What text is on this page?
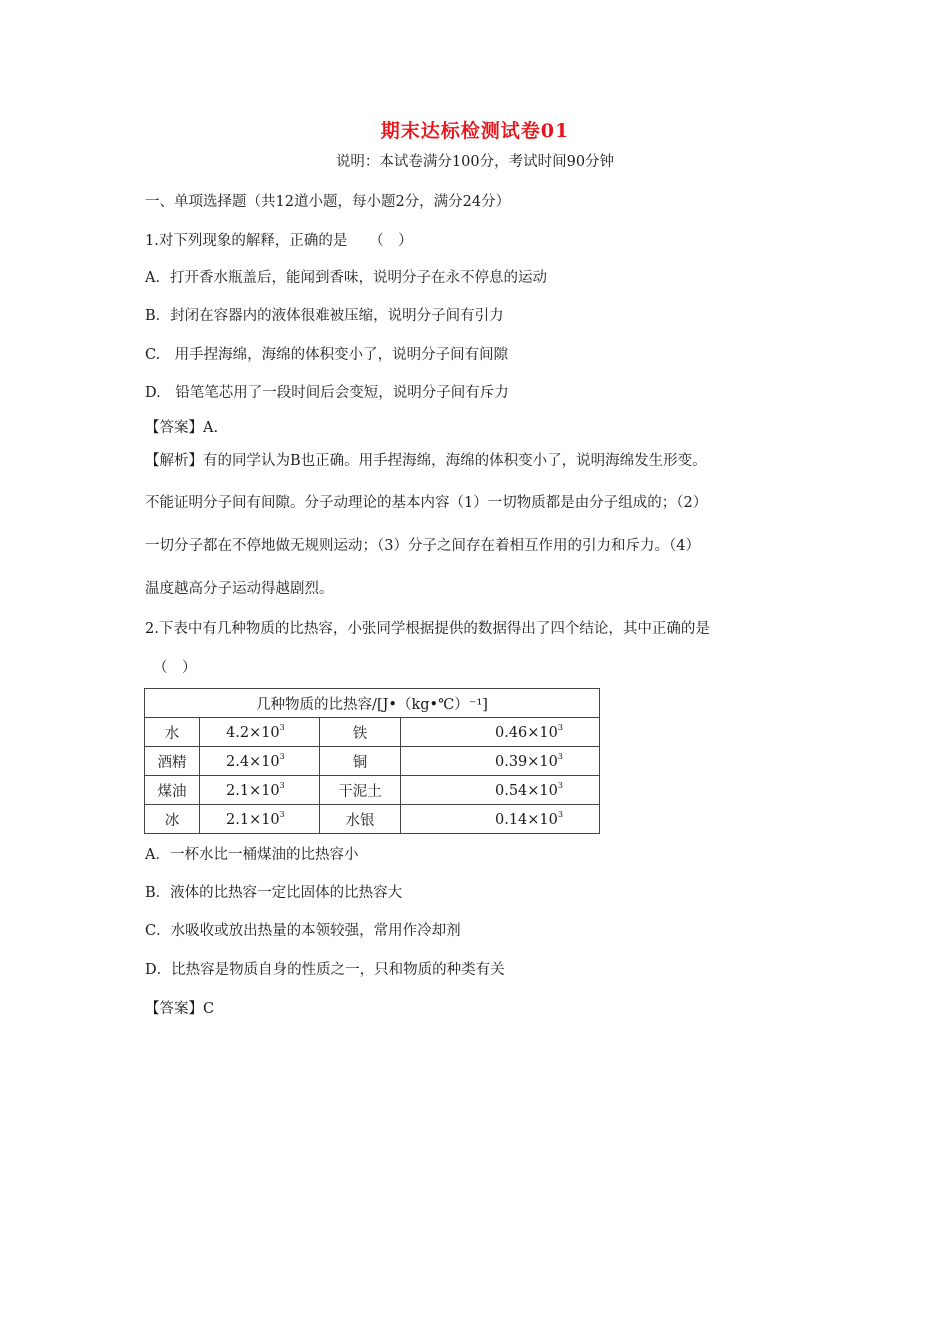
期末达标检测试卷01
说明：本试卷满分100分，考试时间90分钟
一、单项选择题（共12道小题，每小题2分，满分24分）
1.对下列现象的解释，正确的是　　（　）
A．打开香水瓶盖后，能闻到香味，说明分子在永不停息的运动
B．封闭在容器内的液体很难被压缩，说明分子间有引力
C.　用手捏海绵，海绵的体积变小了，说明分子间有间隙
D.　铅笔笔芯用了一段时间后会变短，说明分子间有斥力
【答案】A.
【解析】有的同学认为B也正确。用手捏海绵，海绵的体积变小了，说明海绵发生形变。
不能证明分子间有间隙。分子动理论的基本内容（1）一切物质都是由分子组成的；（2）
一切分子都在不停地做无规则运动；（3）分子之间存在着相互作用的引力和斥力。（4）
温度越高分子运动得越剧烈。
2.下表中有几种物质的比热容，小张同学根据提供的数据得出了四个结论，其中正确的是
（　）
几种物质的比热容/[J•（kg•℃）⁻¹]			
水	$4.2\times 10^3$	铁	$0.46\times 10^3$
酒精	$2.4\times 10^3$	铜	$0.39\times 10^3$
煤油	$2.1\times 10^3$	干泥土	$0.54\times 10^3$
冰	$2.1\times 10^3$	水银	$0.14\times 10^3$
A．一杯水比一桶煤油的比热容小
B．液体的比热容一定比固体的比热容大
C．水吸收或放出热量的本领较强，常用作冷却剂
D．比热容是物质自身的性质之一，只和物质的种类有关
【答案】C
